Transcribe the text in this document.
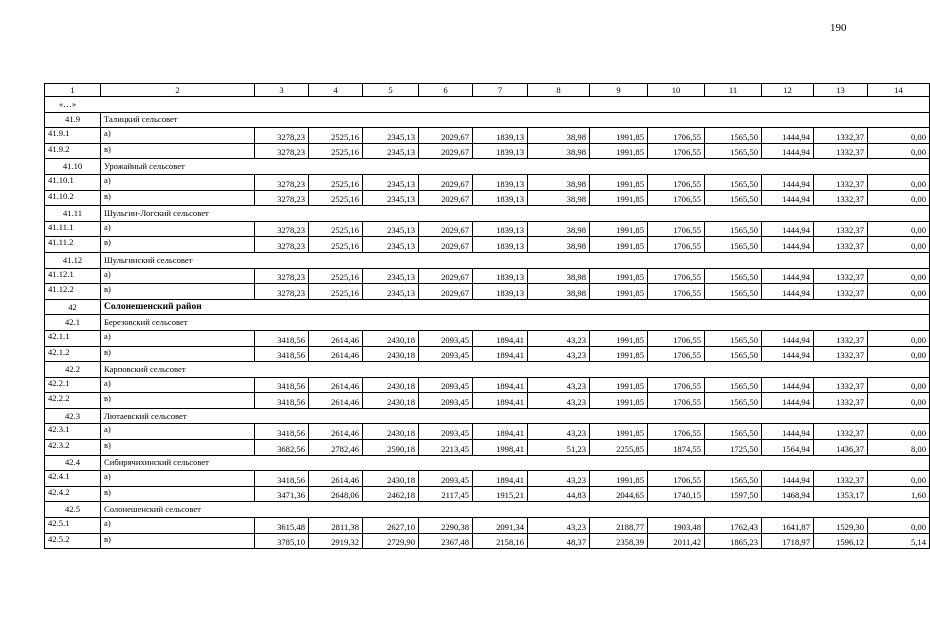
190
1	2	3	4	5	6	7	8	9	10	11	12	13	14
«…»													
41.9	Талицкий сельсовет												
41.9.1	а)	3278,23	2525,16	2345,13	2029,67	1839,13	38,98	1991,85	1706,55	1565,50	1444,94	1332,37	0,00
41.9.2	в)	3278,23	2525,16	2345,13	2029,67	1839,13	38,98	1991,85	1706,55	1565,50	1444,94	1332,37	0,00
41.10	Урожайный сельсовет												
41.10.1	а)	3278,23	2525,16	2345,13	2029,67	1839,13	38,98	1991,85	1706,55	1565,50	1444,94	1332,37	0,00
41.10.2	в)	3278,23	2525,16	2345,13	2029,67	1839,13	38,98	1991,85	1706,55	1565,50	1444,94	1332,37	0,00
41.11	Шульгин-Логский сельсовет												
41.11.1	а)	3278,23	2525,16	2345,13	2029,67	1839,13	38,98	1991,85	1706,55	1565,50	1444,94	1332,37	0,00
41.11.2	в)	3278,23	2525,16	2345,13	2029,67	1839,13	38,98	1991,85	1706,55	1565,50	1444,94	1332,37	0,00
41.12	Шульгинский сельсовет												
41.12.1	а)	3278,23	2525,16	2345,13	2029,67	1839,13	38,98	1991,85	1706,55	1565,50	1444,94	1332,37	0,00
41.12.2	в)	3278,23	2525,16	2345,13	2029,67	1839,13	38,98	1991,85	1706,55	1565,50	1444,94	1332,37	0,00
42	Солонешенский район												
42.1	Березовский сельсовет												
42.1.1	а)	3418,56	2614,46	2430,18	2093,45	1894,41	43,23	1991,85	1706,55	1565,50	1444,94	1332,37	0,00
42.1.2	в)	3418,56	2614,46	2430,18	2093,45	1894,41	43,23	1991,85	1706,55	1565,50	1444,94	1332,37	0,00
42.2	Карповский сельсовет												
42.2.1	а)	3418,56	2614,46	2430,18	2093,45	1894,41	43,23	1991,85	1706,55	1565,50	1444,94	1332,37	0,00
42.2.2	в)	3418,56	2614,46	2430,18	2093,45	1894,41	43,23	1991,85	1706,55	1565,50	1444,94	1332,37	0,00
42.3	Лютаевский сельсовет												
42.3.1	а)	3418,56	2614,46	2430,18	2093,45	1894,41	43,23	1991,85	1706,55	1565,50	1444,94	1332,37	0,00
42.3.2	в)	3682,56	2782,46	2590,18	2213,45	1998,41	51,23	2255,85	1874,55	1725,50	1564,94	1436,37	8,00
42.4	Сибирячихинский сельсовет												
42.4.1	а)	3418,56	2614,46	2430,18	2093,45	1894,41	43,23	1991,85	1706,55	1565,50	1444,94	1332,37	0,00
42.4.2	в)	3471,36	2648,06	2462,18	2117,45	1915,21	44,83	2044,65	1740,15	1597,50	1468,94	1353,17	1,60
42.5	Солонешенский сельсовет												
42.5.1	а)	3615,48	2811,38	2627,10	2290,38	2091,34	43,23	2188,77	1903,48	1762,43	1641,87	1529,30	0,00
42.5.2	в)	3785,10	2919,32	2729,90	2367,48	2158,16	48,37	2358,39	2011,42	1865,23	1718,97	1596,12	5,14
